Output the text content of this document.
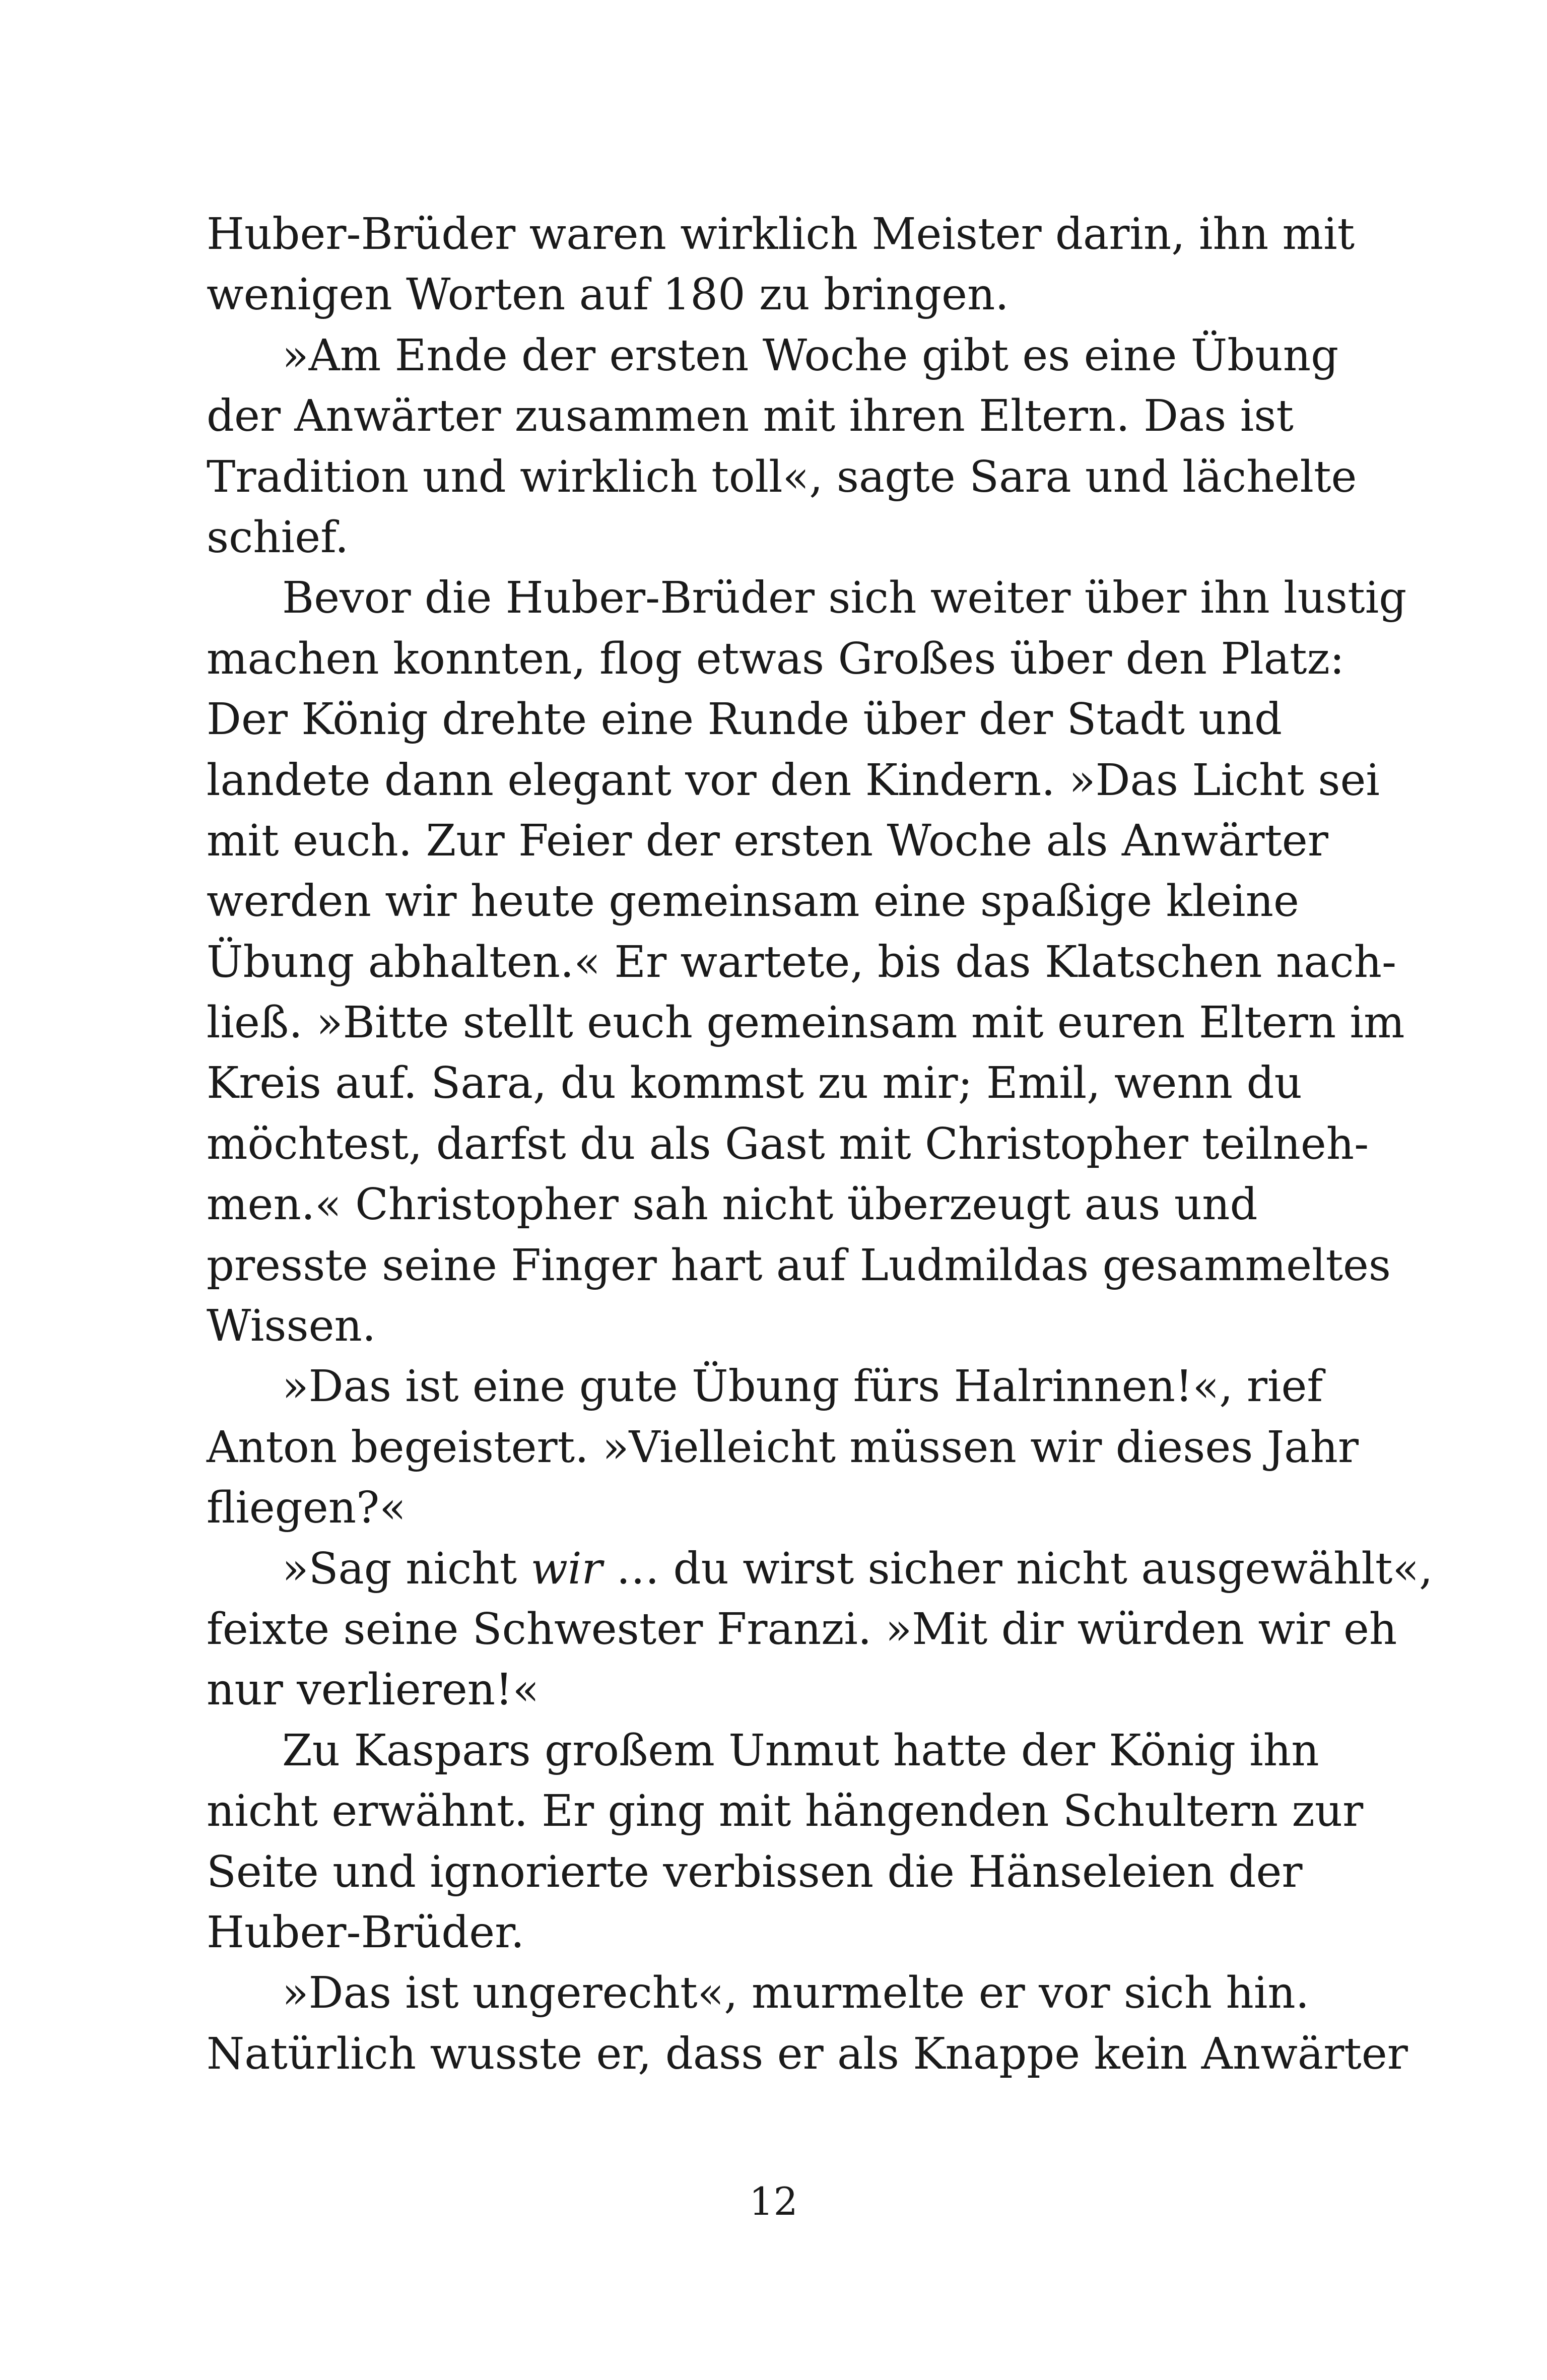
Huber-Brüder waren wirklich Meister darin, ihn mit
wenigen Worten auf 180 zu bringen.
»Am Ende der ersten Woche gibt es eine Übung
der Anwärter zusammen mit ihren Eltern. Das ist
Tradition und wirklich toll«, sagte Sara und lächelte
schief.
Bevor die Huber-Brüder sich weiter über ihn lustig
machen konnten, flog etwas Großes über den Platz:
Der König drehte eine Runde über der Stadt und
landete dann elegant vor den Kindern. »Das Licht sei
mit euch. Zur Feier der ersten Woche als Anwärter
werden wir heute gemeinsam eine spaßige kleine
Übung abhalten.« Er wartete, bis das Klatschen nach-
ließ. »Bitte stellt euch gemeinsam mit euren Eltern im
Kreis auf. Sara, du kommst zu mir; Emil, wenn du
möchtest, darfst du als Gast mit Christopher teilneh-
men.« Christopher sah nicht überzeugt aus und
presste seine Finger hart auf Ludmildas gesammeltes
Wissen.
»Das ist eine gute Übung fürs Halrinnen!«, rief
Anton begeistert. »Vielleicht müssen wir dieses Jahr
fliegen?«
»Sag nicht wir … du wirst sicher nicht ausgewählt«,
feixte seine Schwester Franzi. »Mit dir würden wir eh
nur verlieren!«
Zu Kaspars großem Unmut hatte der König ihn
nicht erwähnt. Er ging mit hängenden Schultern zur
Seite und ignorierte verbissen die Hänseleien der
Huber-Brüder.
»Das ist ungerecht«, murmelte er vor sich hin.
Natürlich wusste er, dass er als Knappe kein Anwärter
12
